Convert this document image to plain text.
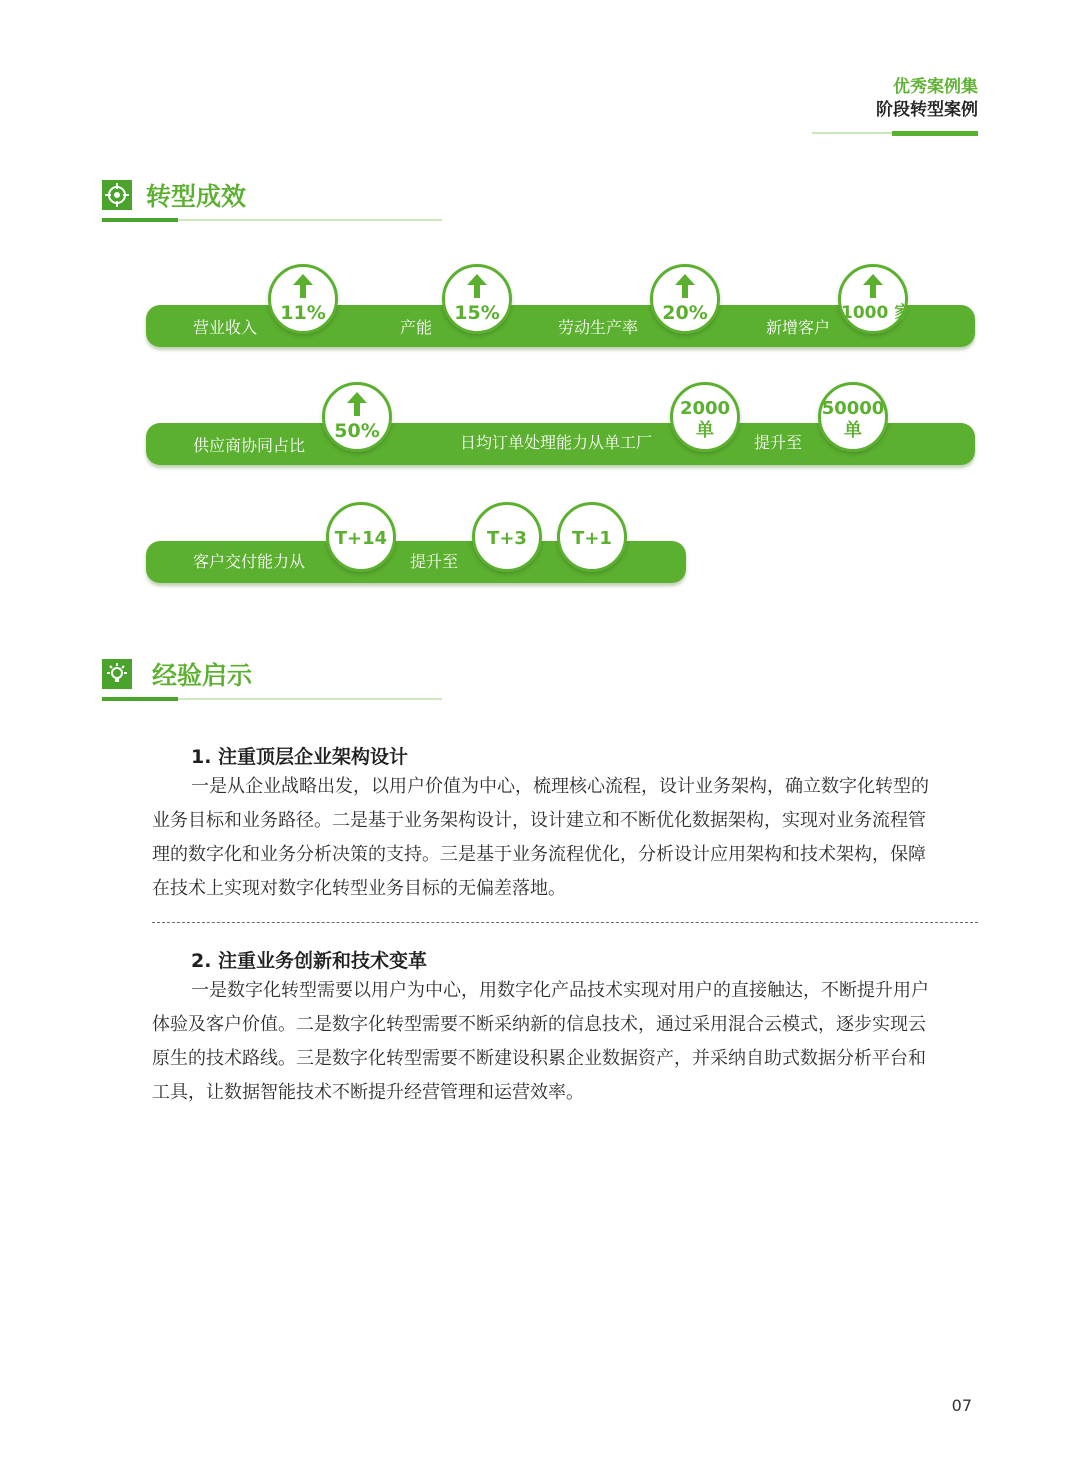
优秀案例集
阶段转型案例
转型成效
营业收入
11%
产能
15%
劳动生产率
20%
新增客户
1000 家
供应商协同占比
50%
日均订单处理能力从单工厂
2000
单
提升至
50000
单
客户交付能力从
T+14
提升至
T+3	T+1
经验启示
1. 注重顶层企业架构设计
一是从企业战略出发，以用户价值为中心，梳理核心流程，设计业务架构，确立数字化转型的
业务目标和业务路径。二是基于业务架构设计，设计建立和不断优化数据架构，实现对业务流程管
理的数字化和业务分析决策的支持。三是基于业务流程优化，分析设计应用架构和技术架构，保障
在技术上实现对数字化转型业务目标的无偏差落地。
2. 注重业务创新和技术变革
一是数字化转型需要以用户为中心，用数字化产品技术实现对用户的直接触达，不断提升用户
体验及客户价值。二是数字化转型需要不断采纳新的信息技术，通过采用混合云模式，逐步实现云
原生的技术路线。三是数字化转型需要不断建设积累企业数据资产，并采纳自助式数据分析平台和
工具，让数据智能技术不断提升经营管理和运营效率。
07
